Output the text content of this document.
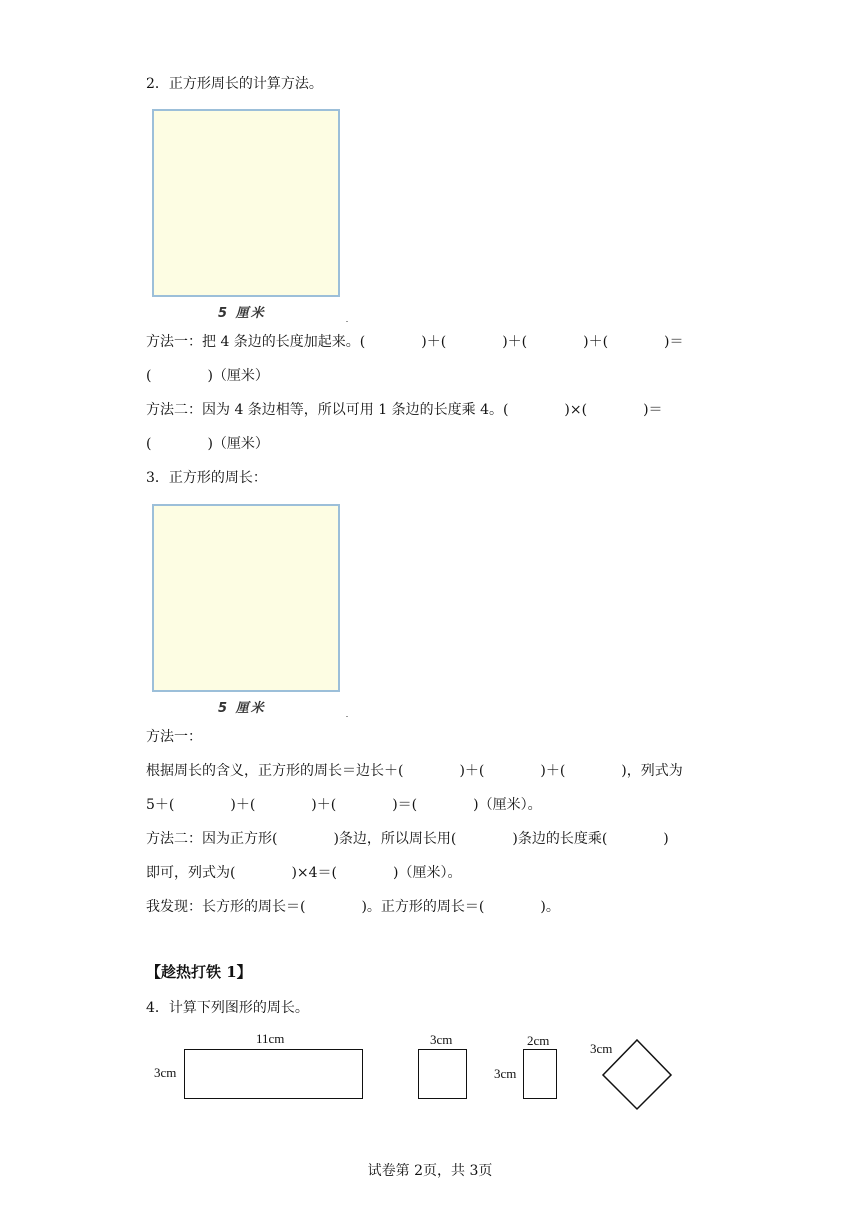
2．正方形周长的计算方法。
5 厘米
方法一：把 4 条边的长度加起来。(　　　　)＋(　　　　)＋(　　　　)＋(　　　　)＝
(　　　　)（厘米）
方法二：因为 4 条边相等，所以可用 1 条边的长度乘 4。(　　　　)×(　　　　)＝
(　　　　)（厘米）
3．正方形的周长：
5 厘米
方法一：
根据周长的含义，正方形的周长＝边长＋(　　　　)＋(　　　　)＋(　　　　)，列式为
5＋(　　　　)＋(　　　　)＋(　　　　)＝(　　　　)（厘米）。
方法二：因为正方形(　　　　)条边，所以周长用(　　　　)条边的长度乘(　　　　)
即可，列式为(　　　　)×4＝(　　　　)（厘米）。
我发现：长方形的周长＝(　　　　)。正方形的周长＝(　　　　)。
【趁热打铁 1】
4．计算下列图形的周长。
11cm
3cm
3cm	2cm
3cm
3cm
试卷第 2页，共 3页
